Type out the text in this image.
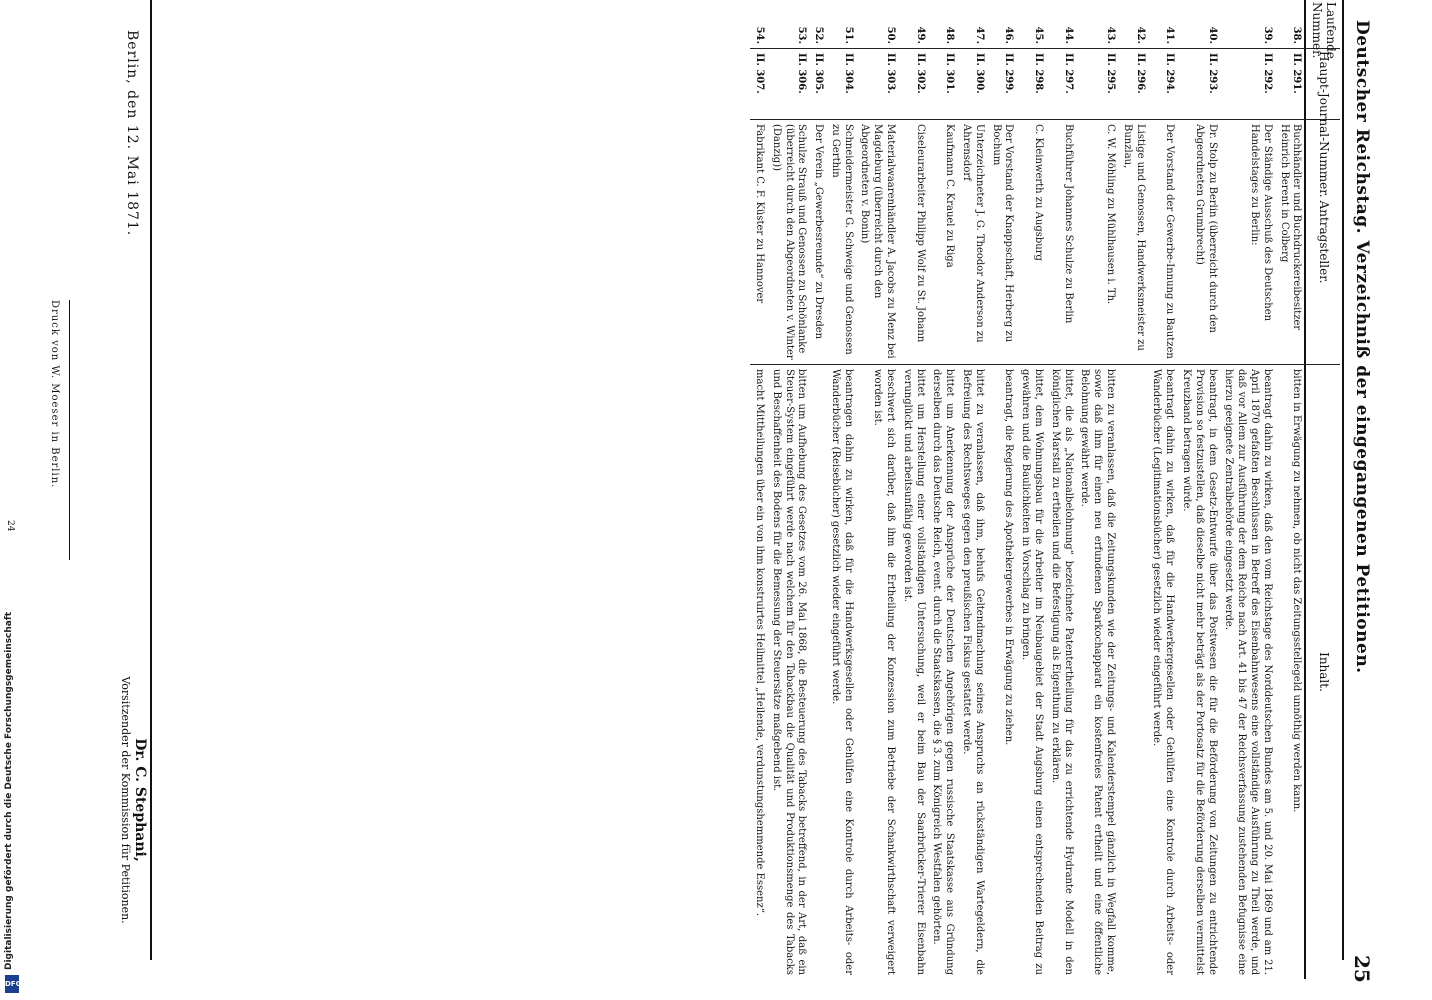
Deutscher Reichstag. Verzeichniß der eingegangenen Petitionen.
25
Laufende Nummer.	Haupt-Journal-Nummer.	Antragsteller.	Inhalt.
38.	II. 291.	Buchhändler und Buchdruckereibesitzer Heinrich Berent in Colberg	bitten in Erwägung zu nehmen, ob nicht das Zeitungsstellegeld unnöthig werden kann.
39.	II. 292.	Der Ständige Ausschuß des Deutschen Handelstages zu Berlin:	beantragt dahin zu wirken, daß den vom Reichstage des Norddeutschen Bundes am 5. und 20. Mai 1869 und am 21. April 1870 gefaßten Beschlüssen in Betreff des Eisenbahnwesens eine vollständige Ausführung zu Theil werde, und daß vor Allem zur Ausführung der dem Reiche nach Art. 41 bis 47 der Reichsverfassung zustehenden Befugnisse eine hierzu geeignete Zentralbehörde eingesetzt werde.
40.	II. 293.	Dr. Stolp zu Berlin (überreicht durch den Abgeordneten Grumbrecht)	beantragt, in dem Gesetz-Entwurfe über das Postwesen die für die Beförderung von Zeitungen zu entrichtende Provision so festzustellen, daß dieselbe nicht mehr beträgt als der Portosatz für die Beförderung derselben vermittelst Kreuzband betragen würde.
41.	II. 294.	Der Vorstand der Gewerbe-Innung zu Bautzen	beantragt dahin zu wirken, daß für die Handwerkergesellen oder Gehülfen eine Kontrole durch Arbeits- oder Wanderbücher (Legitimationsbücher) gesetzlich wieder eingeführt werde.
42.	II. 296.	Listige und Genossen, Handwerksmeister zu Bunzlau,	
43.	II. 295.	C. W. Möhling zu Mühlhausen i. Th.	bitten zu veranlassen, daß die Zeitungskunden wie der Zeitungs- und Kalenderstempel gänzlich in Wegfall komme, sowie daß ihm für einen neu erfundenen Sparkochapparat ein kostenfreies Patent ertheilt und eine öffentliche Belohnung gewährt werde.
44.	II. 297.	Buchführer Johannes Schulze zu Berlin	bittet, die als „Nationalbelohnung“ bezeichnete Patentertheilung für das zu errichtende Hydrante Modell in den königlichen Marstall zu ertheilen und die Befestigung als Eigenthum zu erklären.
45.	II. 298.	C. Kleinwerth zu Augsburg	bittet, dem Wohnungsbau für die Arbeiter im Neubaugebiet der Stadt Augsburg einen entsprechenden Beitrag zu gewähren und die Baulichkeiten in Vorschlag zu bringen.
46.	II. 299.	Der Vorstand der Knappschaft, Herberg zu Bochum	beantragt, die Regierung des Apothekergewerbes in Erwägung zu ziehen.
47.	II. 300.	Unterzeichneter J. G. Theodor Anderson zu Ahrensdorf	bittet zu veranlassen, daß ihm, behufs Geltendmachung seines Anspruchs an rückständigen Wartegeldern, die Befreiung des Rechtsweges gegen den preußischen Fiskus gestattet werde.
48.	II. 301.	Kaufmann C. Krauel zu Riga	bittet um Anerkennung der Ansprüche der Deutschen Angehörigen gegen russische Staatskasse aus Gründung derselben durch das Deutsche Reich, event. durch die Staatskassen, die § 3. zum Königreich Westfalen gehörten.
49.	II. 302.	Ciseleurarbeiter Philipp Wolf zu St. Johann	bittet um Herstellung einer vollständigen Untersuchung, weil er beim Bau der Saarbrücker-Trierer Eisenbahn verunglückt und arbeitsunfähig geworden ist.
50.	II. 303.	Materialwaarenhändler A. Jacobs zu Menz bei Magdeburg (überreicht durch den Abgeordneten v. Bonin)	beschwert sich darüber, daß ihm die Ertheilung der Konzession zum Betriebe der Schankwirthschaft verweigert worden ist.
51.	II. 304.	Schneidermeister G. Schweige und Genossen zu Gerthin	beantragen dahin zu wirken, daß für die Handwerksgesellen oder Gehülfen eine Kontrole durch Arbeits- oder Wanderbücher (Reisebücher) gesetzlich wieder eingeführt werde.
52.	II. 305.	Der Verein „Gewerbesreunde“ zu Dresden	
53.	II. 306.	Schulze Strauß und Genossen zu Schönlanke (überreicht durch den Abgeordneten v. Winter (Danzig))	bitten um Aufhebung des Gesetzes vom 26. Mai 1868, die Besteuerung des Tabacks betreffend, in der Art, daß ein Steuer-System eingeführt werde nach welchem für den Tabackbau die Qualität und Produktionsmenge des Tabacks und Beschaffenheit des Bodens für die Bemessung der Steuersätze maßgebend ist.
54.	II. 307.	Fabrikant C. F. Küster zu Hannover	macht Mittheilungen über ein von ihm konstruirtes Heilmittel „Heilende, verdunstungshemmende Essenz“.
Berlin, den 12. Mai 1871.
Dr. C. Stephani,
Vorsitzender der Kommission für Petitionen.
Druck von W. Moeser in Berlin.
24
Digitalisierung gefördert durch die Deutsche Forschungsgemeinschaft
DFG
